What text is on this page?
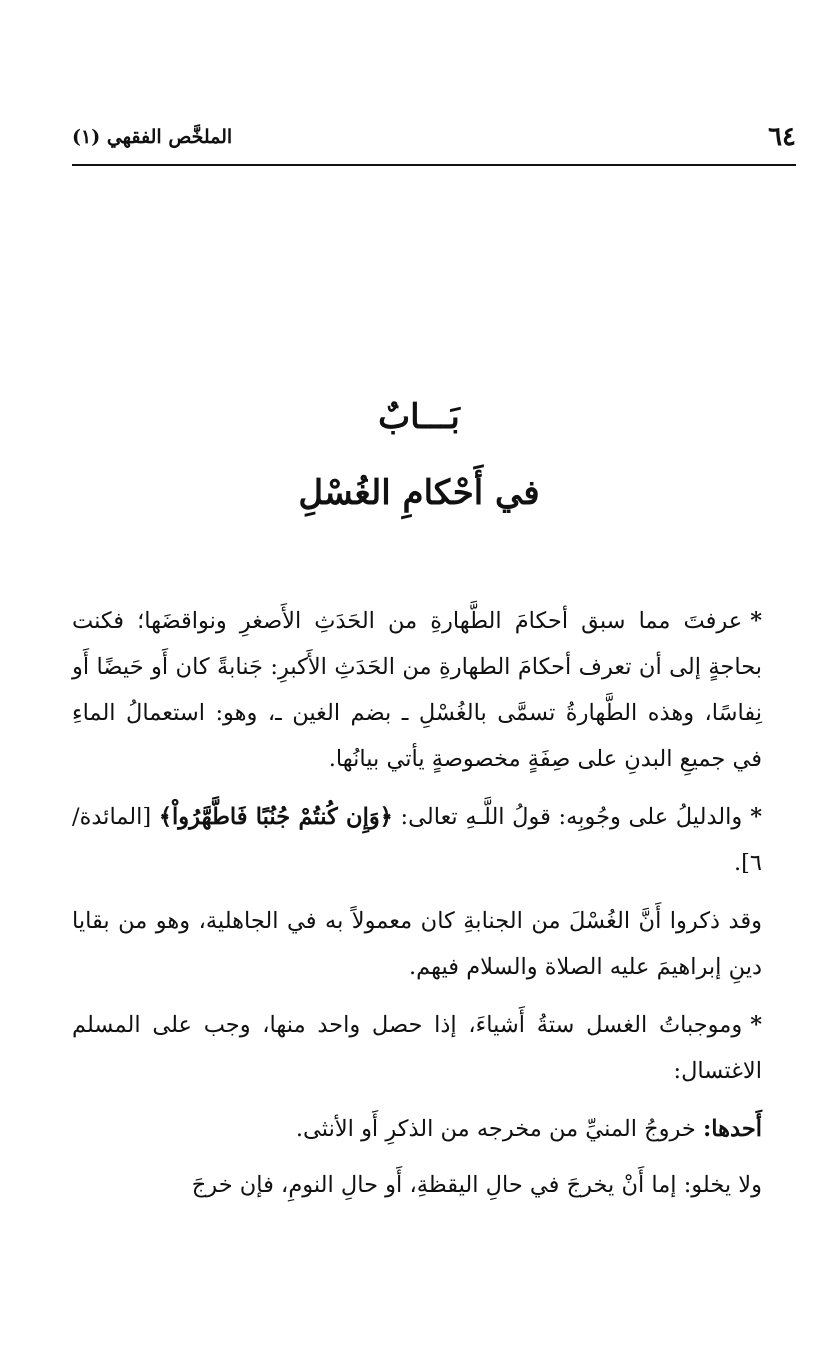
٦٤
الملخَّص الفقهي (١)
بَـــابٌ
في أَحْكامِ الغُسْلِ

*عرفتَ مما سبق أحكامَ الطَّهارةِ من الحَدَثِ الأَصغرِ ونواقضَها؛ فكنت بحاجةٍ إلى أن تعرف أحكامَ الطهارةِ من الحَدَثِ الأَكبرِ: جَنابةً كان أَو حَيضًا أَو نِفاسًا، وهذه الطَّهارةُ تسمَّى بالغُسْلِ ـ بضم الغين ـ، وهو: استعمالُ الماءِ في جميعِ البدنِ على صِفَةٍ مخصوصةٍ يأتي بيانُها.

*والدليلُ على وجُوبِه: قولُ اللَّـهِ تعالى: ﴿وَإِن كُنتُمْ جُنُبًا فَاطَّهَّرُواْ﴾ [المائدة/ ٦].

وقد ذكروا أَنَّ الغُسْلَ من الجنابةِ كان معمولاً به في الجاهلية، وهو من بقايا دينِ إبراهيمَ عليه الصلاة والسلام فيهم.

*وموجباتُ الغسل ستةُ أَشياءَ، إذا حصل واحد منها، وجب على المسلم الاغتسال:

أَحدها: خروجُ المنيِّ من مخرجه من الذكرِ أَو الأنثى.

ولا يخلو: إما أَنْ يخرجَ في حالِ اليقظةِ، أَو حالِ النومِ، فإن خرجَ
